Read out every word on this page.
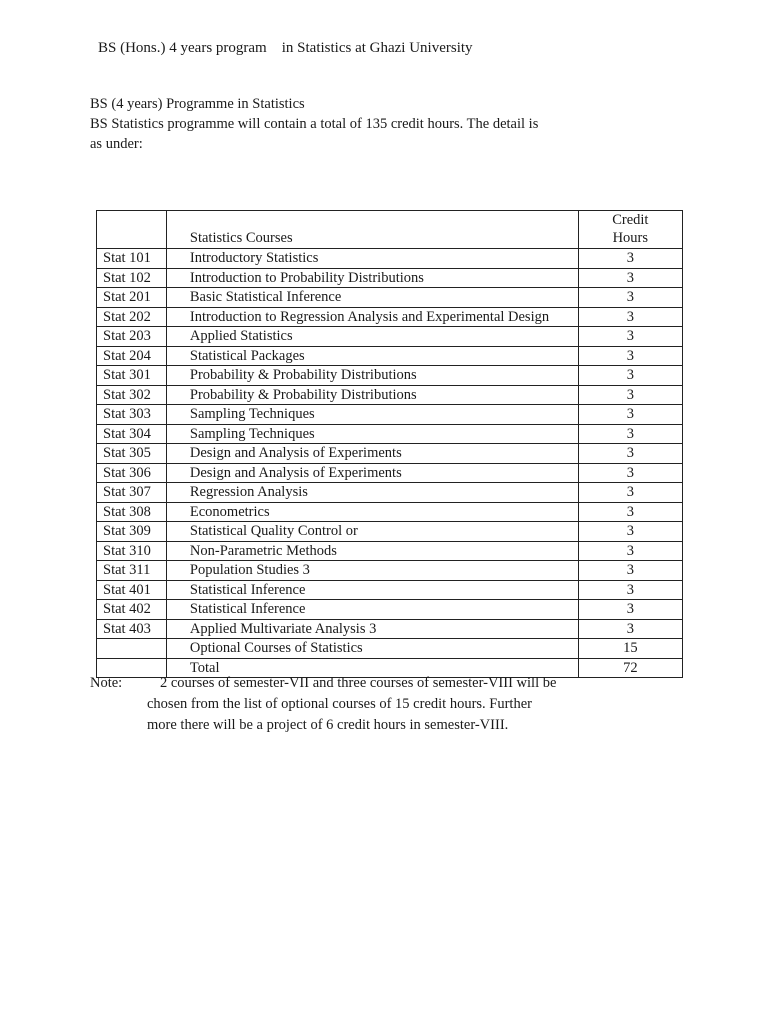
BS (Hons.) 4 years program in Statistics at Ghazi University
BS (4 years) Programme in Statistics
BS Statistics programme will contain a total of 135 credit hours. The detail is
as under:
	Statistics Courses	Credit
Hours
Stat 101	Introductory Statistics	3
Stat 102	Introduction to Probability Distributions	3
Stat 201	Basic Statistical Inference	3
Stat 202	Introduction to Regression Analysis and Experimental Design	3
Stat 203	Applied Statistics	3
Stat 204	Statistical Packages	3
Stat 301	Probability & Probability Distributions	3
Stat 302	Probability & Probability Distributions	3
Stat 303	Sampling Techniques	3
Stat 304	Sampling Techniques	3
Stat 305	Design and Analysis of Experiments	3
Stat 306	Design and Analysis of Experiments	3
Stat 307	Regression Analysis	3
Stat 308	Econometrics	3
Stat 309	Statistical Quality Control or	3
Stat 310	Non-Parametric Methods	3
Stat 311	Population Studies 3	3
Stat 401	Statistical Inference	3
Stat 402	Statistical Inference	3
Stat 403	Applied Multivariate Analysis 3	3
	Optional Courses of Statistics	15
	Total	72
Note:	2 courses of semester-VII and three courses of semester-VIII will be
chosen from the list of optional courses of 15 credit hours. Further
more there will be a project of 6 credit hours in semester-VIII.
